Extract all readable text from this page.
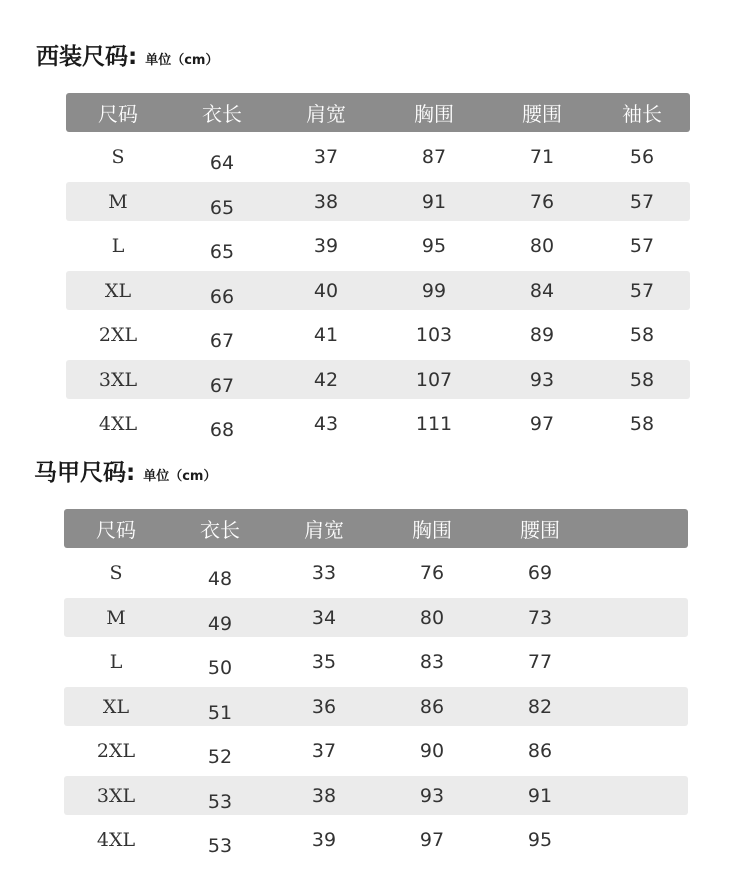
西装尺码: 单位（cm）
尺码	衣长	肩宽	胸围	腰围	袖长
S	64	37	87	71	56
M	65	38	91	76	57
L	65	39	95	80	57
XL	66	40	99	84	57
2XL	67	41	103	89	58
3XL	67	42	107	93	58
4XL	68	43	111	97	58
马甲尺码: 单位（cm）
尺码	衣长	肩宽	胸围	腰围
S	48	33	76	69
M	49	34	80	73
L	50	35	83	77
XL	51	36	86	82
2XL	52	37	90	86
3XL	53	38	93	91
4XL	53	39	97	95
